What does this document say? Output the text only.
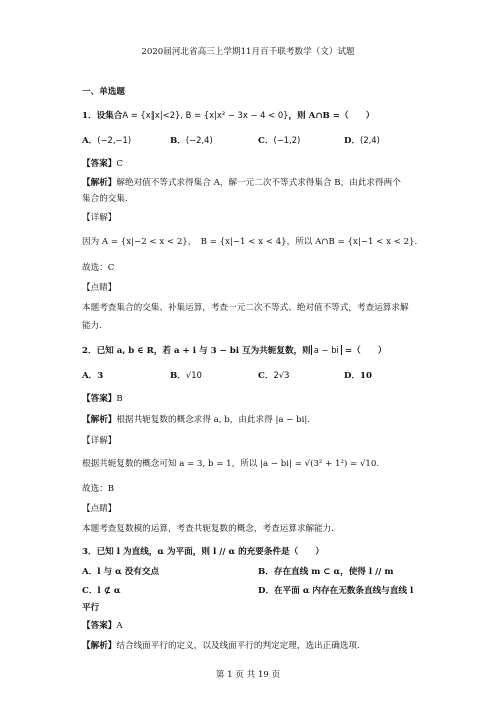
2020届河北省高三上学期11月百千联考数学（文）试题
一、单选题
1．设集合A = {x‖x|<2}, B = {x|x² − 3x − 4 < 0}，则 A∩B =（　　）
A．(−2,−1)	B．(−2,4)	C．(−1,2)	D．(2,4)
【答案】C
【解析】解绝对值不等式求得集合 A，解一元二次不等式求得集合 B，由此求得两个
集合的交集.
【详解】
因为 A = {x|−2 < x < 2}，　B = {x|−1 < x < 4}，所以 A∩B = {x|−1 < x < 2}.
故选：C
【点睛】
本题考查集合的交集、补集运算，考查一元二次不等式、绝对值不等式，考查运算求解
能力.
2．已知 a, b ∈ R，若 a + i 与 3 − bi 互为共轭复数，则 a − bi =（　　）
A．3	B．√10	C．2√3	D．10
【答案】B
【解析】根据共轭复数的概念求得 a, b，由此求得 |a − bi|.
【详解】
根据共轭复数的概念可知 a = 3, b = 1，所以 |a − bi| = √(3² + 1²) = √10.
故选：B
【点睛】
本题考查复数模的运算，考查共轭复数的概念，考查运算求解能力.
3．已知 l 为直线，α 为平面，则 l // α 的充要条件是（　　）
A．l 与 α 没有交点	B．存在直线 m ⊂ α，使得 l // m
C．l ⊄ α	D．在平面 α 内存在无数条直线与直线 l
平行
【答案】A
【解析】结合线面平行的定义，以及线面平行的判定定理，选出正确选项.
第 1 页 共 19 页
